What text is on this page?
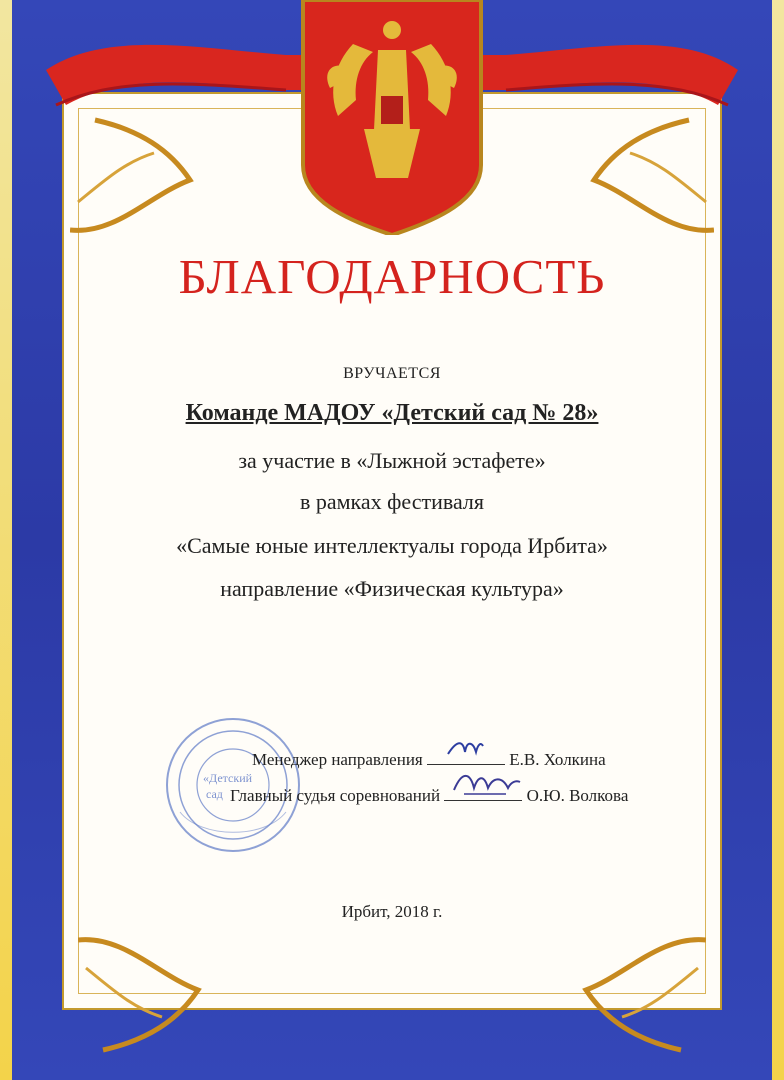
БЛАГОДАРНОСТЬ
ВРУЧАЕТСЯ
Команде МАДОУ «Детский сад № 28»
за участие в «Лыжной эстафете»
в рамках фестиваля
«Самые юные интеллектуалы города Ирбита»
направление «Физическая культура»
«Детский
сад
Менеджер направления	Е.В. Холкина
Главный судья соревнований	О.Ю. Волкова
Ирбит, 2018 г.
